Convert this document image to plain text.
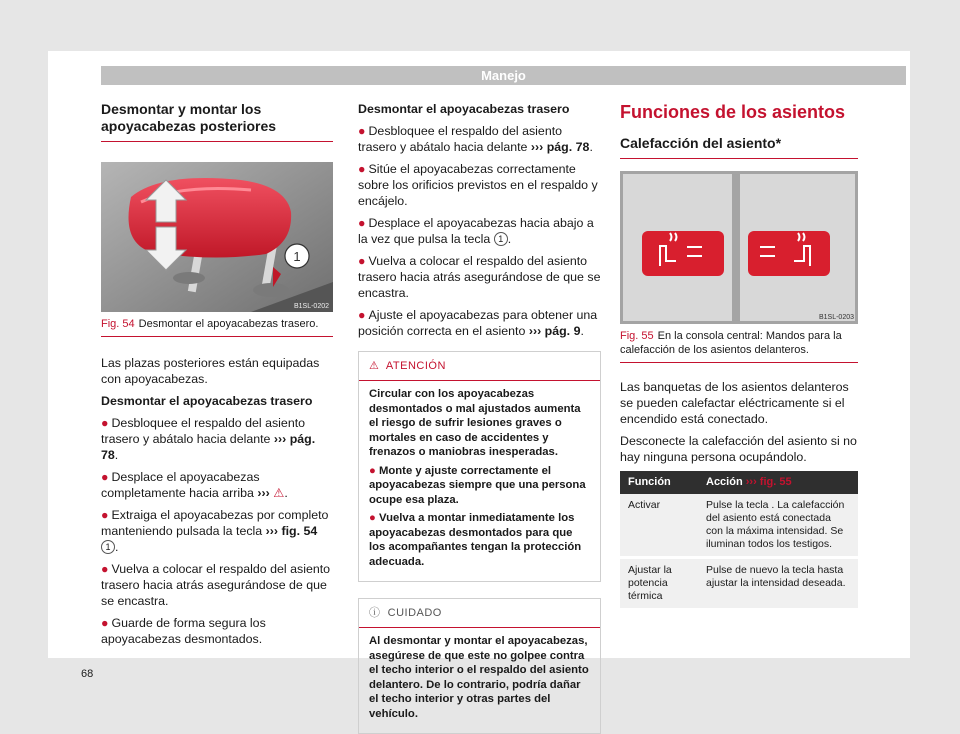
Manejo
Desmontar y montar los apoyacabezas posteriores
1
B1SL-0202
Fig. 54 Desmontar el apoyacabezas trasero.

Las plazas posteriores están equipadas con apoyacabezas.

Desmontar el apoyacabezas trasero

● Desbloquee el respaldo del asiento trasero y abátalo hacia delante ››› pág. 78.

● Desplace el apoyacabezas completamente hacia arriba ››› ⚠.

● Extraiga el apoyacabezas por completo manteniendo pulsada la tecla ››› fig. 54 1 .

● Vuelva a colocar el respaldo del asiento trasero hacia atrás asegurándose de que se encastra.

● Guarde de forma segura los apoyacabezas desmontados.

Desmontar el apoyacabezas trasero

● Desbloquee el respaldo del asiento trasero y abátalo hacia delante ››› pág. 78.

● Sitúe el apoyacabezas correctamente sobre los orificios previstos en el respaldo y encájelo.

● Desplace el apoyacabezas hacia abajo a la vez que pulsa la tecla 1 .

● Vuelva a colocar el respaldo del asiento trasero hacia atrás asegurándose de que se encastra.

● Ajuste el apoyacabezas para obtener una posición correcta en el asiento ››› pág. 9.

⚠ ATENCIÓN

Circular con los apoyacabezas desmontados o mal ajustados aumenta el riesgo de sufrir lesiones graves o mortales en caso de accidentes y frenazos o maniobras inesperadas.

● Monte y ajuste correctamente el apoyacabezas siempre que una persona ocupe esa plaza.

● Vuelva a montar inmediatamente los apoyacabezas desmontados para que los acompañantes tengan la protección adecuada.

ⓘ CUIDADO

Al desmontar y montar el apoyacabezas, asegúrese de que este no golpee contra el techo interior o el respaldo del asiento delantero. De lo contrario, podría dañar el techo interior y otras partes del vehículo.

Funciones de los asientos
Calefacción del asiento*
B1SL-0203
Fig. 55 En la consola central: Mandos para la calefacción de los asientos delanteros.

Las banquetas de los asientos delanteros se pueden calefactar eléctricamente si el encendido está conectado.

Desconecte la calefacción del asiento si no hay ninguna persona ocupándolo.

Función	Acción ››› fig. 55
Activar	Pulse la tecla . La calefacción del asiento está conectada con la máxima intensidad. Se iluminan todos los testigos.
Ajustar la potencia térmica	Pulse de nuevo la tecla hasta ajustar la intensidad deseada.
68
